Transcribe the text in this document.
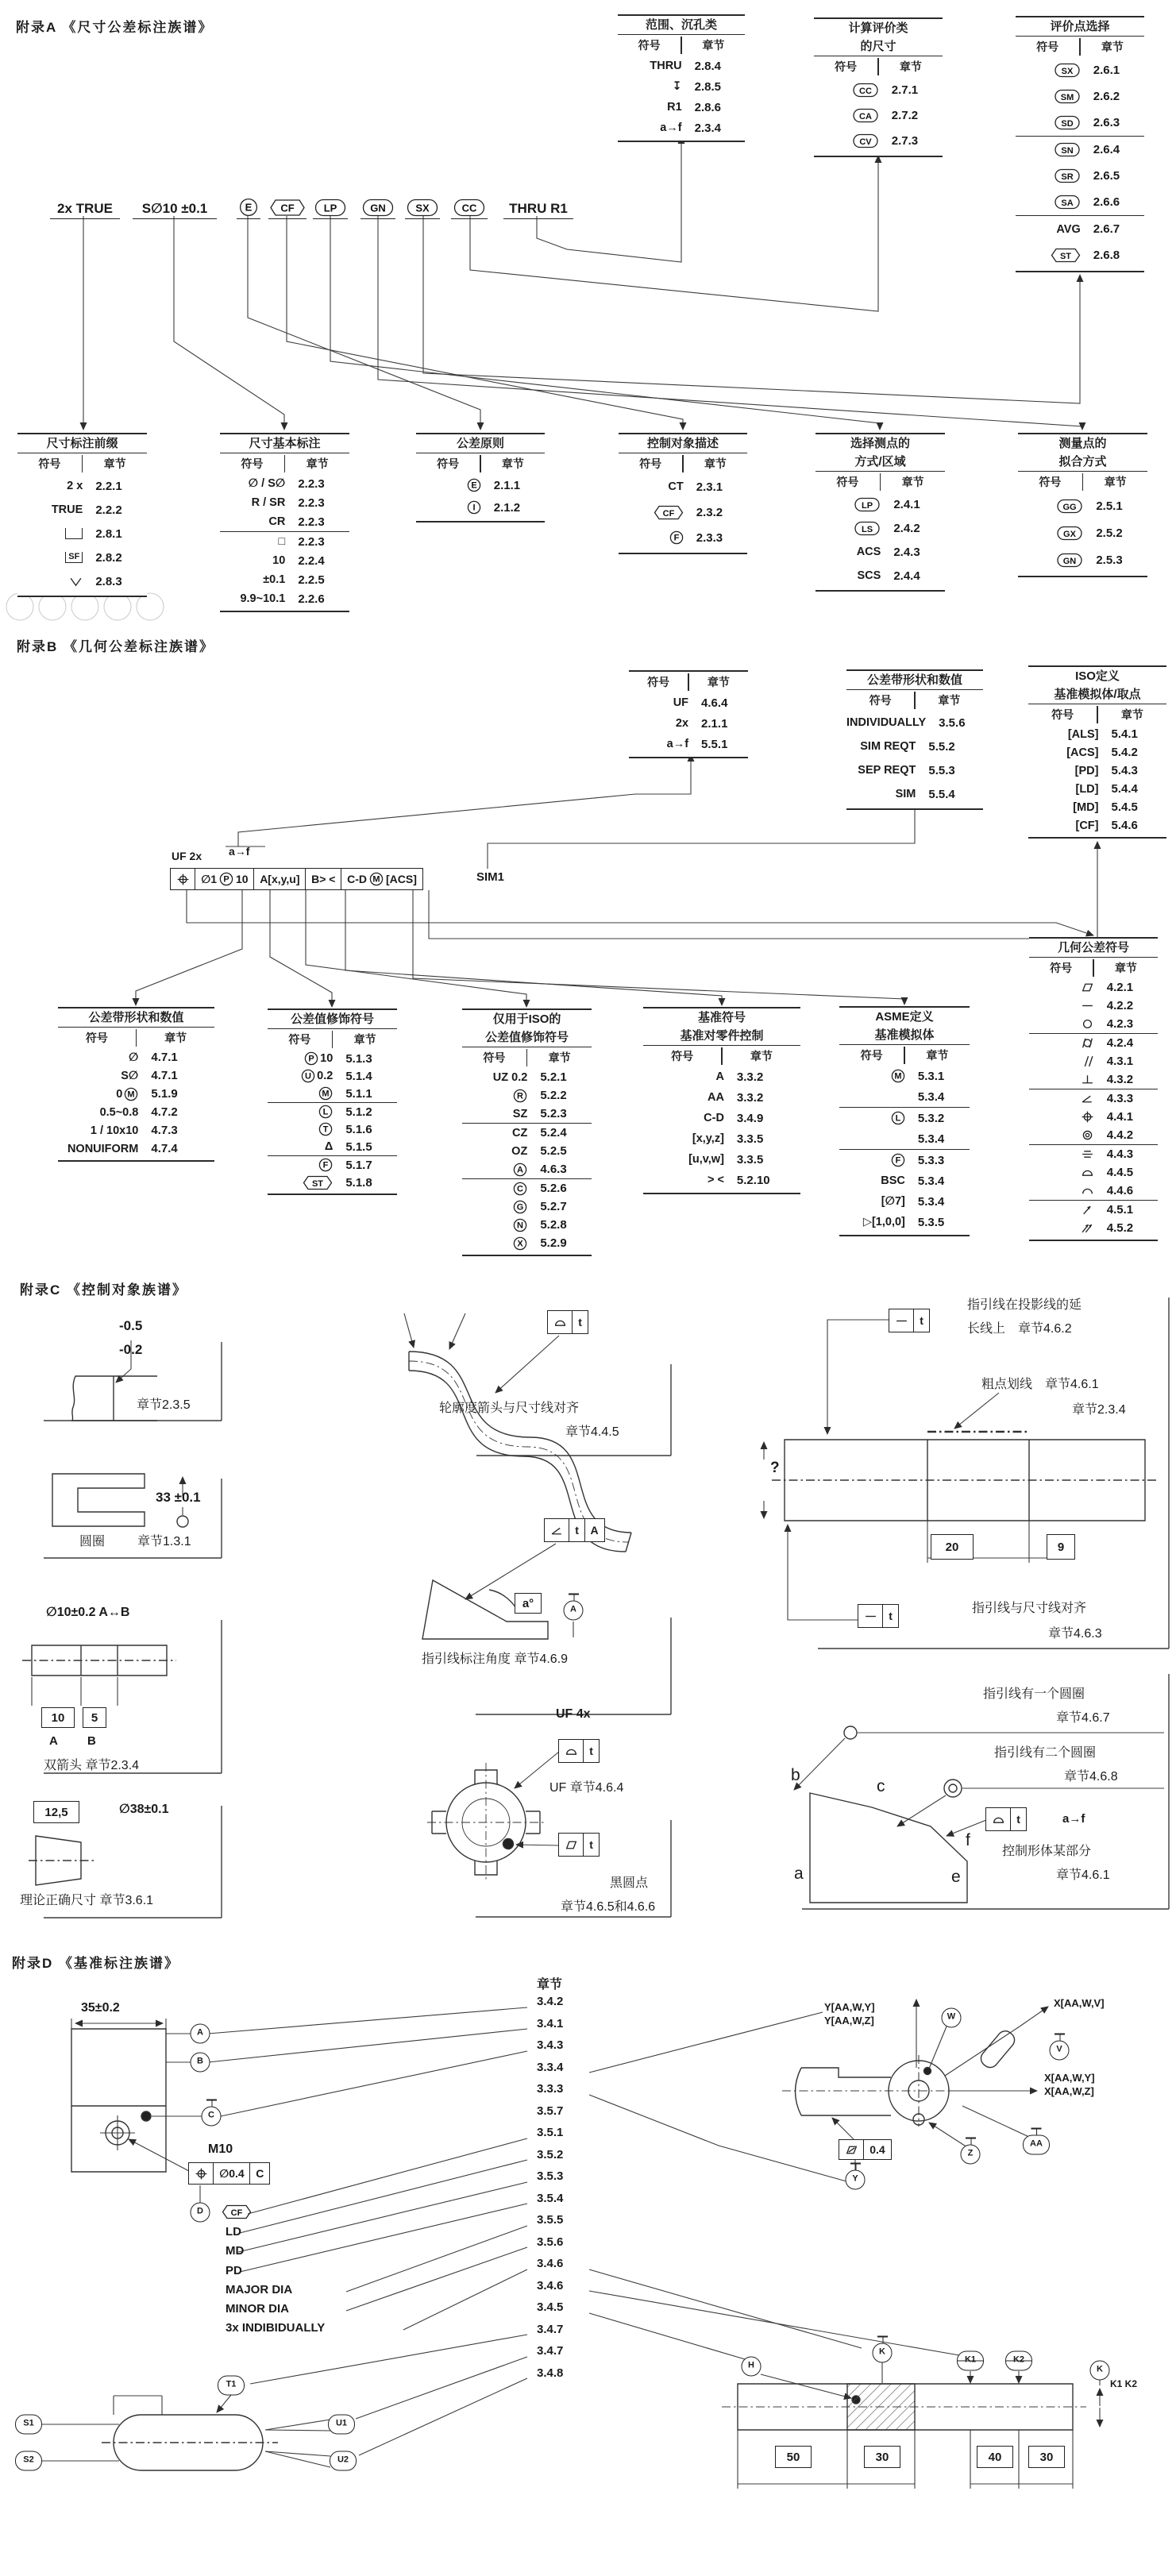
附录A 《尺寸公差标注族谱》
附录B 《几何公差标注族谱》
附录C 《控制对象族谱》
附录D 《基准标注族谱》
范围、沉孔类
符号	章节
THRU 2.8.4
↧ 2.8.5
R1 2.8.6
a→f 2.3.4
计算评价类
的尺寸
符号	章节
CC 2.7.1
CA 2.7.2
CV 2.7.3
评价点选择
符号	章节
SX 2.6.1
SM 2.6.2
SD 2.6.3
SN 2.6.4
SR 2.6.5
SA 2.6.6
AVG 2.6.7
ST 2.6.8
尺寸标注前缀
符号	章节
2 x 2.2.1
TRUE 2.2.2
2.8.1
SF 2.8.2
2.8.3
尺寸基本标注
符号	章节
∅ / S∅ 2.2.3
R / SR 2.2.3
CR 2.2.3
□ 2.2.3
10 2.2.4
±0.1 2.2.5
9.9~10.1 2.2.6
公差原则
符号	章节
E 2.1.1
I 2.1.2
控制对象描述
符号	章节
CT 2.3.1
CF 2.3.2
F 2.3.3
选择测点的
方式/区域
符号	章节
LP 2.4.1
LS 2.4.2
ACS 2.4.3
SCS 2.4.4
测量点的
拟合方式
符号	章节
GG 2.5.1
GX 2.5.2
GN 2.5.3
符号	章节
UF 4.6.4
2x 2.1.1
a→f 5.5.1
公差带形状和数值
符号	章节
INDIVIDUALLY 3.5.6
SIM REQT 5.5.2
SEP REQT 5.5.3
SIM 5.5.4
ISO定义
基准模拟体/取点
符号	章节
[ALS] 5.4.1
[ACS] 5.4.2
[PD] 5.4.3
[LD] 5.4.4
[MD] 5.4.5
[CF] 5.4.6
公差带形状和数值
符号	章节
∅ 4.7.1
S∅ 4.7.1
0 M 5.1.9
0.5~0.8 4.7.2
1 / 10x10 4.7.3
NONUIFORM 4.7.4
公差值修饰符号
符号	章节
P 10 5.1.3
U 0.2 5.1.4
M 5.1.1
L 5.1.2
T 5.1.6
Δ 5.1.5
F 5.1.7
ST 5.1.8
仅用于ISO的
公差值修饰符号
符号	章节
UZ 0.2 5.2.1
R 5.2.2
SZ 5.2.3
CZ 5.2.4
OZ 5.2.5
A 4.6.3
C 5.2.6
G 5.2.7
N 5.2.8
X 5.2.9
基准符号
基准对零件控制
符号	章节
A 3.3.2
AA 3.3.2
C-D 3.4.9
[x,y,z] 3.3.5
[u,v,w] 3.3.5
> < 5.2.10
ASME定义
基准模拟体
符号	章节
M 5.3.1
5.3.4
L 5.3.2
5.3.4
F 5.3.3
BSC 5.3.4
[∅7] 5.3.4
▷[1,0,0] 5.3.5
几何公差符号
符号	章节
4.2.1
4.2.2
4.2.3
4.2.4
4.3.1
4.3.2
4.3.3
4.4.1
4.4.2
4.4.3
4.4.5
4.4.6
4.5.1
4.5.2
2x TRUE	S∅10 ±0.1	E	CF	LP	GN	SX	CC	THRU R1
∅1 P 10 A[x,y,u] B> < C-D M [ACS]
∅0.4 C
0.4
t
t A
t
t
t
t
t
-0.5
-0.2
章节2.3.5
33 ±0.1
圆圈	章节1.3.1
∅10±0.2 A↔B
A B
双箭头 章节2.3.4
∅38±0.1
理论正确尺寸 章节3.6.1
轮廓度箭头与尺寸线对齐
章节4.4.5
指引线标注角度 章节4.6.9
UF 4x
UF 章节4.6.4
黑圆点
章节4.6.5和4.6.6
指引线在投影线的延
长线上　章节4.6.2
粗点划线　章节4.6.1
章节2.3.4
?
指引线与尺寸线对齐
章节4.6.3
指引线有一个圆圈
章节4.6.7
指引线有二个圆圈
章节4.6.8
控制形体某部分
章节4.6.1
a→f
b
c
a
f
e
35±0.2
M10
LD
MD
PD
MAJOR DIA
MINOR DIA
3x INDIBIDUALLY
Y[AA,W,Y]
Y[AA,W,Z]
X[AA,W,V]
X[AA,W,Y]
X[AA,W,Z]
K1 K2
UF 2x a→f
SIM1
章节
3.4.2
3.4.1
3.4.3
3.3.4
3.3.3
3.5.7
3.5.1
3.5.2
3.5.3
3.5.4
3.5.5
3.5.6
3.4.6
3.4.6
3.4.5
3.4.7
3.4.7
3.4.8
A
B
C
D
W
V
AA
Z
Y
H
K
K1	K2
K
S1
S2
T1
U1
U2
A
CF
10	5
12,5
20	9
a°
50	30	40	30
